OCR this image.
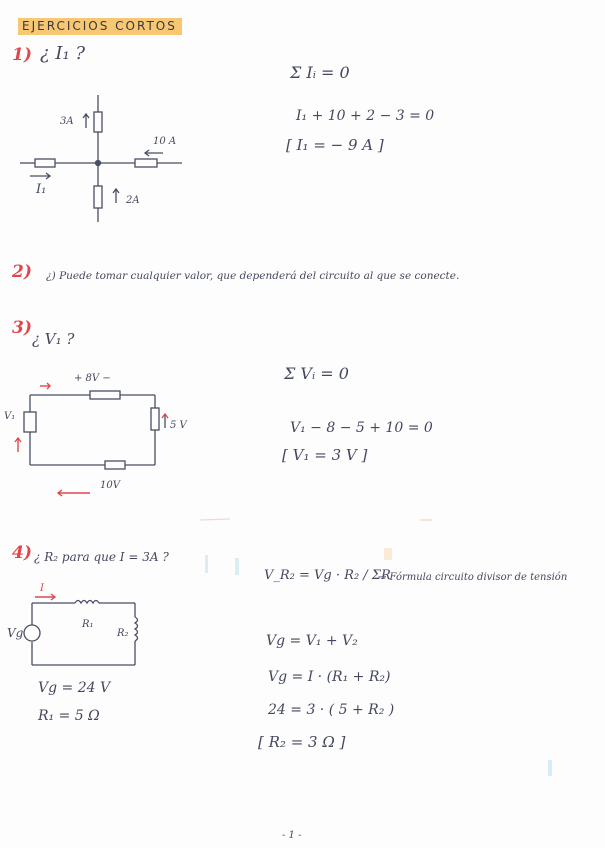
EJERCICIOS CORTOS
1) ¿ I₁ ?
3A
10 A
2A
I₁
Σ Iᵢ = 0
I₁ + 10 + 2 − 3 = 0
[ I₁ = − 9 A ]
2) ¿) Puede tomar cualquier valor, que dependerá del circuito al que se conecte.
3)
¿ V₁ ?
+ 8V −
V₁
5 V
10V
Σ Vᵢ = 0
V₁ − 8 − 5 + 10 = 0
[ V₁ = 3 V ]
4) ¿ R₂ para que I = 3A ?
I
R₁
R₂
Vg
Vg = 24 V
R₁ = 5 Ω
V_R₂ = Vg · R₂ / ΣR
→ Fórmula circuito divisor de tensión
Vg = V₁ + V₂
Vg = I · (R₁ + R₂)
24 = 3 · ( 5 + R₂ )
[ R₂ = 3 Ω ]
- 1 -
